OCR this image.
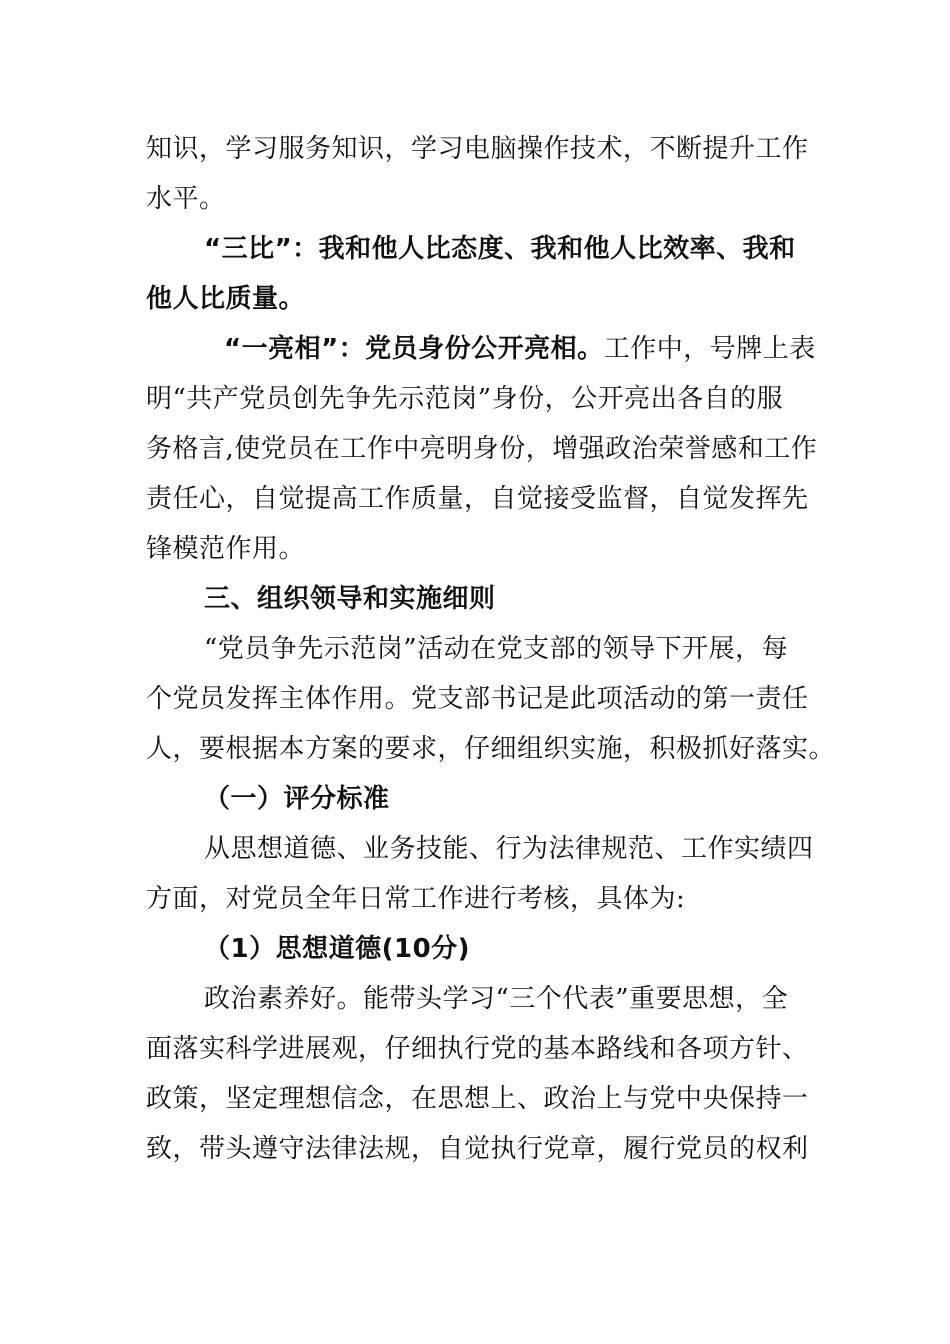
知识，学习服务知识，学习电脑操作技术，不断提升工作
水平。
“三比”：我和他人比态度、我和他人比效率、我和
他人比质量。
“一亮相”：党员身份公开亮相。工作中，号牌上表
明“共产党员创先争先示范岗”身份，公开亮出各自的服
务格言,使党员在工作中亮明身份，增强政治荣誉感和工作
责任心，自觉提高工作质量，自觉接受监督，自觉发挥先
锋模范作用。
三、组织领导和实施细则
“党员争先示范岗”活动在党支部的领导下开展，每
个党员发挥主体作用。党支部书记是此项活动的第一责任
人，要根据本方案的要求，仔细组织实施，积极抓好落实。
（一）评分标准
从思想道德、业务技能、行为法律规范、工作实绩四
方面，对党员全年日常工作进行考核，具体为:
（1）思想道德(10分)
政治素养好。能带头学习“三个代表”重要思想，全
面落实科学进展观，仔细执行党的基本路线和各项方针、
政策，坚定理想信念，在思想上、政治上与党中央保持一
致，带头遵守法律法规，自觉执行党章，履行党员的权利
